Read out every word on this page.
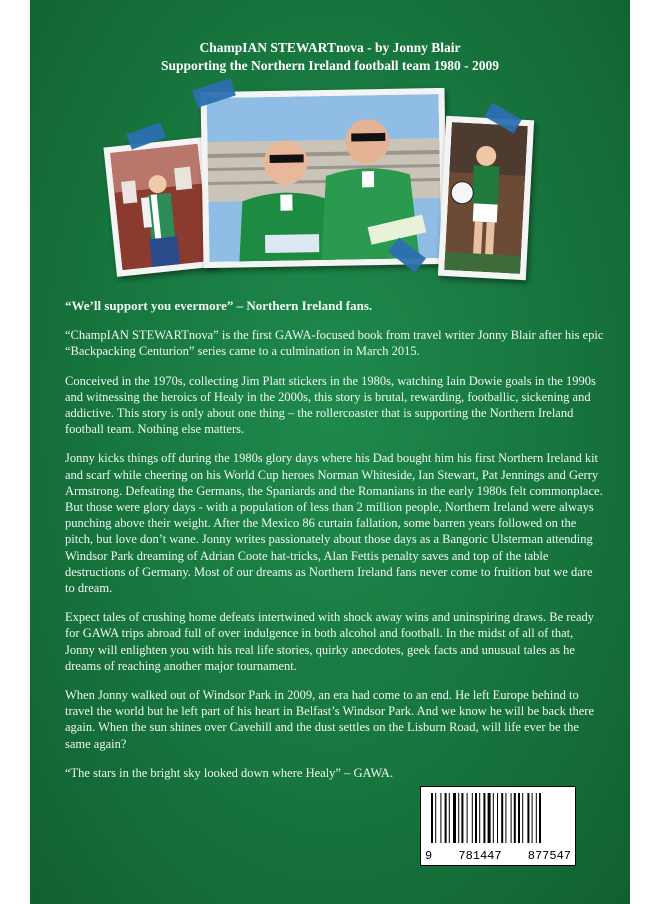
ChampIAN STEWARTnova - by Jonny Blair
Supporting the Northern Ireland football team 1980 - 2009

“We’ll support you evermore” – Northern Ireland fans.

“ChampIAN STEWARTnova” is the first GAWA-focused book from travel writer Jonny Blair after his epic “Backpacking Centurion” series came to a culmination in March 2015.

Conceived in the 1970s, collecting Jim Platt stickers in the 1980s, watching Iain Dowie goals in the 1990s and witnessing the heroics of Healy in the 2000s, this story is brutal, rewarding, footballic, sickening and addictive. This story is only about one thing – the rollercoaster that is supporting the Northern Ireland football team. Nothing else matters.

Jonny kicks things off during the 1980s glory days where his Dad bought him his first Northern Ireland kit and scarf while cheering on his World Cup heroes Norman Whiteside, Ian Stewart, Pat Jennings and Gerry Armstrong. Defeating the Germans, the Spaniards and the Romanians in the early 1980s felt commonplace. But those were glory days - with a population of less than 2 million people, Northern Ireland were always punching above their weight. After the Mexico 86 curtain fallation, some barren years followed on the pitch, but love don’t wane. Jonny writes passionately about those days as a Bangoric Ulsterman attending Windsor Park dreaming of Adrian Coote hat-tricks, Alan Fettis penalty saves and top of the table destructions of Germany. Most of our dreams as Northern Ireland fans never come to fruition but we dare to dream.

Expect tales of crushing home defeats intertwined with shock away wins and uninspiring draws. Be ready for GAWA trips abroad full of over indulgence in both alcohol and football. In the midst of all of that, Jonny will enlighten you with his real life stories, quirky anecdotes, geek facts and unusual tales as he dreams of reaching another major tournament.

When Jonny walked out of Windsor Park in 2009, an era had come to an end. He left Europe behind to travel the world but he left part of his heart in Belfast’s Windsor Park. And we know he will be back there again. When the sun shines over Cavehill and the dust settles on the Lisburn Road, will life ever be the same again?

“The stars in the bright sky looked down where Healy” – GAWA.

9 781447 877547
